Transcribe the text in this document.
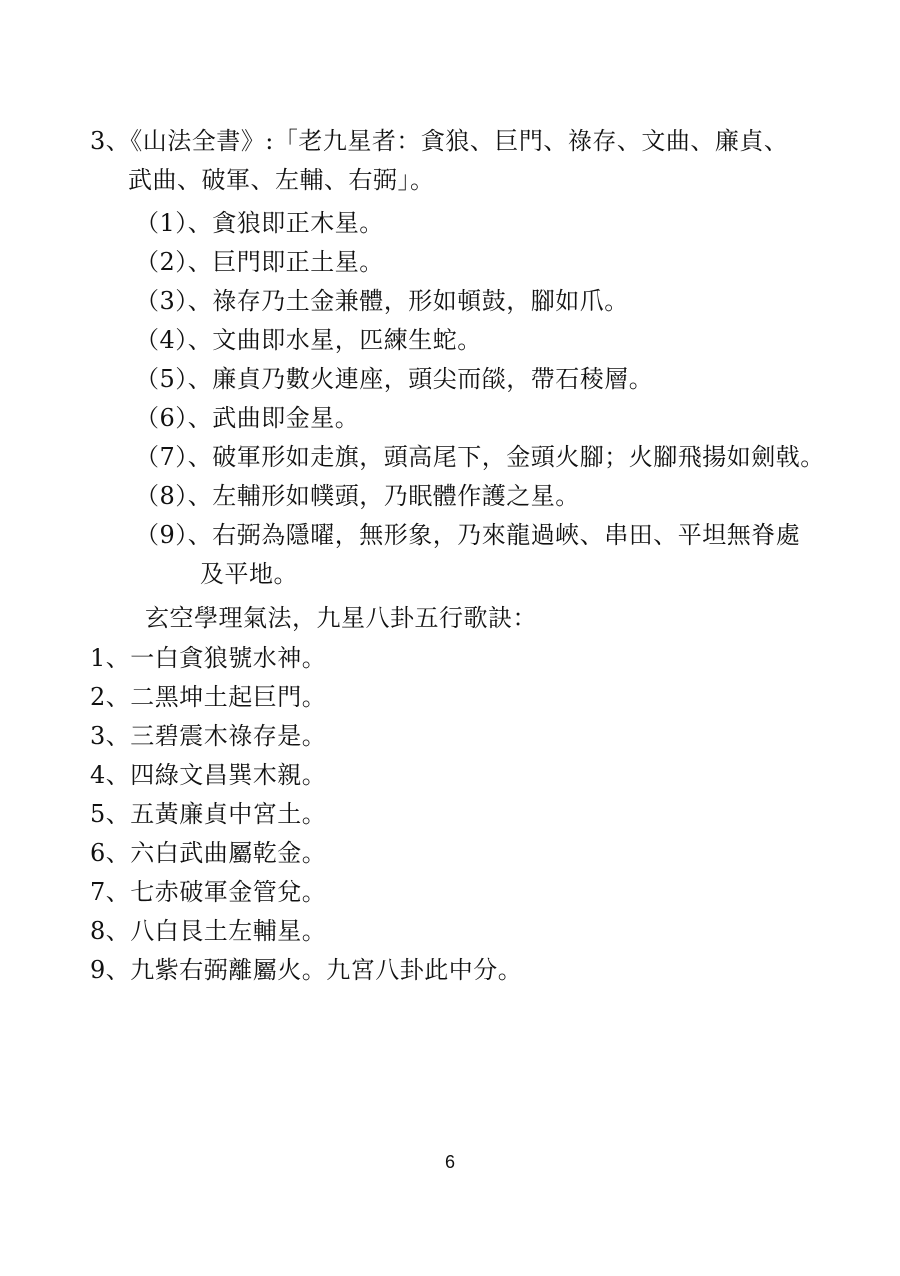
3、《山法全書》:「老九星者：貪狼、巨門、祿存、文曲、廉貞、
武曲、破軍、左輔、右弼」。
（1）、貪狼即正木星。
（2）、巨門即正土星。
（3）、祿存乃土金兼體，形如頓鼓，腳如爪。
（4）、文曲即水星，匹練生蛇。
（5）、廉貞乃數火連座，頭尖而燄，帶石稜層。
（6）、武曲即金星。
（7）、破軍形如走旗，頭高尾下，金頭火腳；火腳飛揚如劍戟。
（8）、左輔形如幞頭，乃眠體作護之星。
（9）、右弼為隱曜，無形象，乃來龍過峽、串田、平坦無脊處
及平地。
玄空學理氣法，九星八卦五行歌訣：
1、一白貪狼號水神。
2、二黑坤土起巨門。
3、三碧震木祿存是。
4、四綠文昌巽木親。
5、五黃廉貞中宮土。
6、六白武曲屬乾金。
7、七赤破軍金管兌。
8、八白艮土左輔星。
9、九紫右弼離屬火。九宮八卦此中分。
6
